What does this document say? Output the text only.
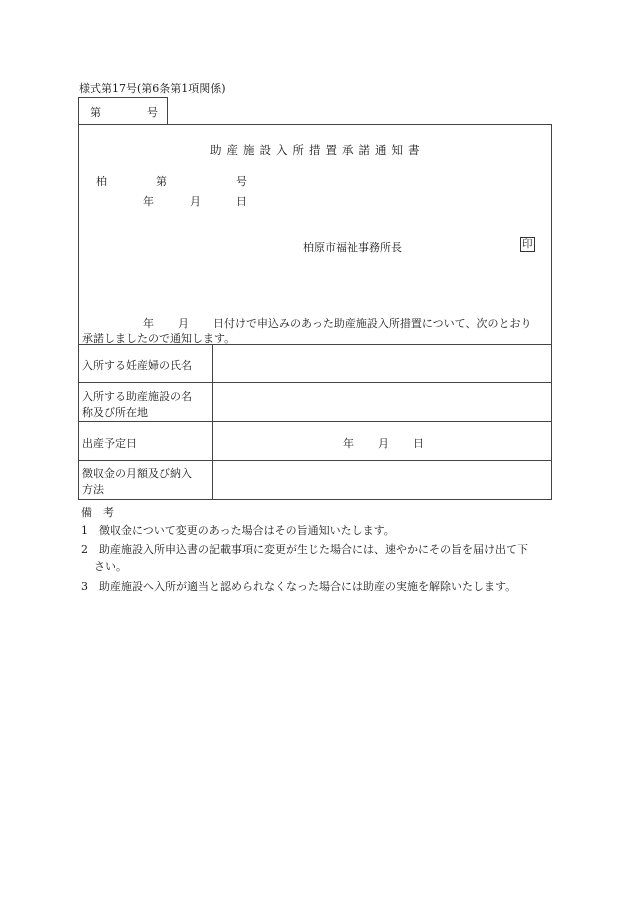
様式第17号(第6条第1項関係)
第	号
助産施設入所措置承諾通知書
柏	第	号
年	月	日
柏原市福祉事務所長	印
年 月 日付けで申込みのあった助産施設入所措置について、次のとおり
承諾しましたので通知します。
入所する妊産婦の氏名
入所する助産施設の名
称及び所在地
出産予定日	年 月 日
徴収金の月額及び納入
方法
備　考
1　徴収金について変更のあった場合はその旨通知いたします。
2　助産施設入所申込書の記載事項に変更が生じた場合には、速やかにその旨を届け出て下
さい。
3　助産施設へ入所が適当と認められなくなった場合には助産の実施を解除いたします。
